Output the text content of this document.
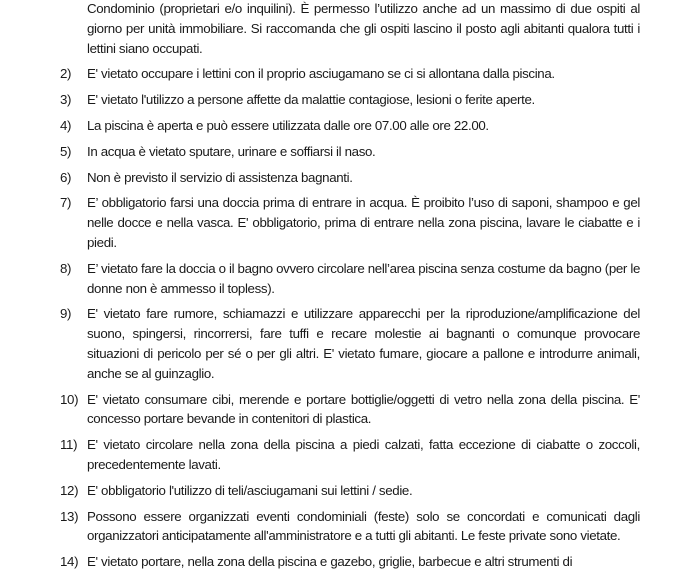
Condominio (proprietari e/o inquilini). È permesso l’utilizzo anche ad un massimo di due ospiti al giorno per unità immobiliare. Si raccomanda che gli ospiti lascino il posto agli abitanti qualora tutti i lettini siano occupati.
2) E' vietato occupare i lettini con il proprio asciugamano se ci si allontana dalla piscina.
3) E' vietato l'utilizzo a persone affette da malattie contagiose, lesioni o ferite aperte.
4) La piscina è aperta e può essere utilizzata dalle ore 07.00 alle ore 22.00.
5) In acqua è vietato sputare, urinare e soffiarsi il naso.
6) Non è previsto il servizio di assistenza bagnanti.
7) E’ obbligatorio farsi una doccia prima di entrare in acqua. È proibito l’uso di saponi, shampoo e gel nelle docce e nella vasca. E' obbligatorio, prima di entrare nella zona piscina, lavare le ciabatte e i piedi.
8) E’ vietato fare la doccia o il bagno ovvero circolare nell’area piscina senza costume da bagno (per le donne non è ammesso il topless).
9) E' vietato fare rumore, schiamazzi e utilizzare apparecchi per la riproduzione/amplificazione del suono, spingersi, rincorrersi, fare tuffi e recare molestie ai bagnanti o comunque provocare situazioni di pericolo per sé o per gli altri. E' vietato fumare, giocare a pallone e introdurre animali, anche se al guinzaglio.
10) E' vietato consumare cibi, merende e portare bottiglie/oggetti di vetro nella zona della piscina. E' concesso portare bevande in contenitori di plastica.
11) E' vietato circolare nella zona della piscina a piedi calzati, fatta eccezione di ciabatte o zoccoli, precedentemente lavati.
12) E' obbligatorio l'utilizzo di teli/asciugamani sui lettini / sedie.
13) Possono essere organizzati eventi condominiali (feste) solo se concordati e comunicati dagli organizzatori anticipatamente all'amministratore e a tutti gli abitanti. Le feste private sono vietate.
14) E' vietato portare, nella zona della piscina e gazebo, griglie, barbecue e altri strumenti di
